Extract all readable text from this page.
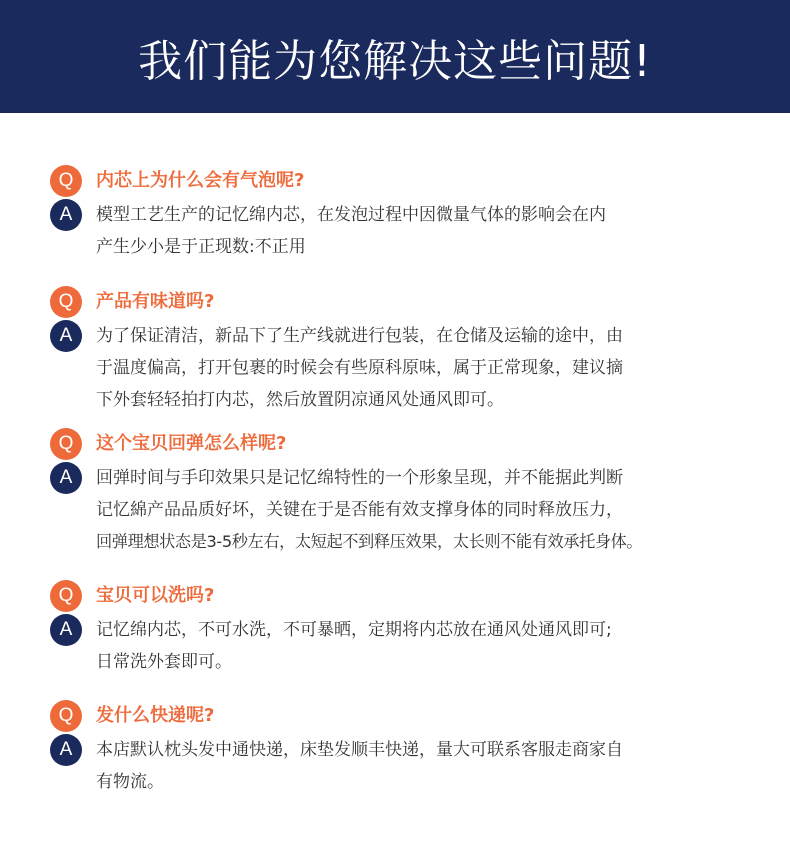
我们能为您解决这些问题!
Q	内芯上为什么会有气泡呢?
A	模型工艺生产的记忆绵内芯，在发泡过程中因微量气体的影响会在内
产生少小是于正现数:不正用
Q	产品有味道吗?
A	为了保证清洁，新品下了生产线就进行包装，在仓储及运输的途中，由
于温度偏高，打开包裹的时候会有些原科原味，属于正常现象，建议摘
下外套轻轻拍打内芯，然后放置阴凉通风处通风即可。
Q	这个宝贝回弹怎么样呢?
A	回弹时间与手印效果只是记忆绵特性的一个形象呈现，并不能据此判断
记忆綿产品品质好坏，关键在于是否能有效支撑身体的同时释放压力，
回弹理想状态是3-5秒左右，太短起不到释压效果，太长则不能有效承托身体。
Q	宝贝可以洗吗?
A	记忆绵内芯，不可水洗，不可暴晒，定期将内芯放在通风处通风即可;
日常洗外套即可。
Q	发什么快递呢?
A	本店默认枕头发中通快递，床垫发顺丰快递，量大可联系客服走商家自
有物流。
